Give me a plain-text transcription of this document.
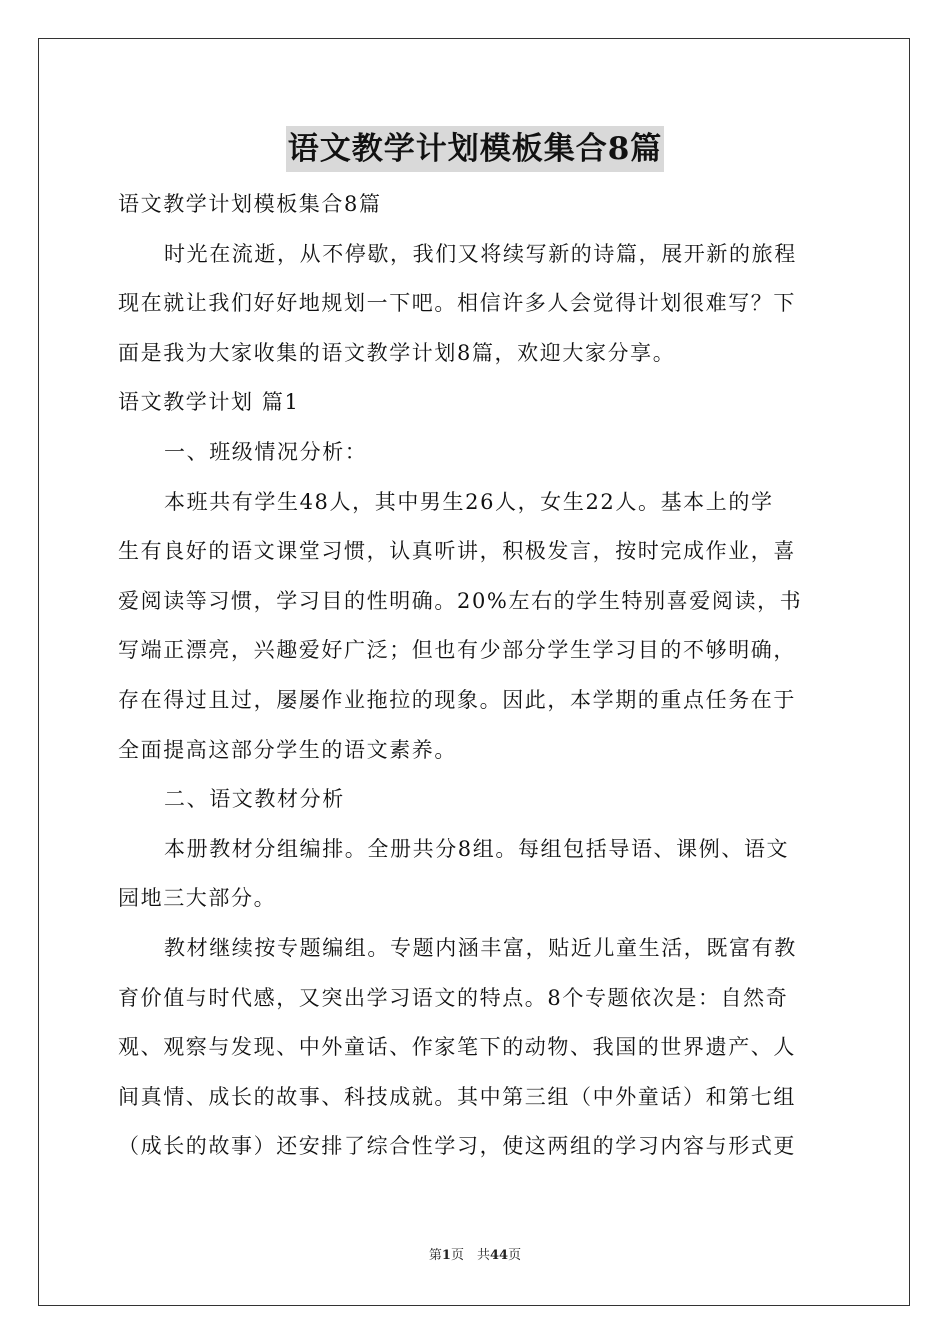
语文教学计划模板集合8篇
语文教学计划模板集合8篇
时光在流逝，从不停歇，我们又将续写新的诗篇，展开新的旅程
现在就让我们好好地规划一下吧。相信许多人会觉得计划很难写？下
面是我为大家收集的语文教学计划8篇，欢迎大家分享。
语文教学计划 篇1
一、班级情况分析：
本班共有学生48人，其中男生26人，女生22人。基本上的学
生有良好的语文课堂习惯，认真听讲，积极发言，按时完成作业，喜
爱阅读等习惯，学习目的性明确。20%左右的学生特别喜爱阅读，书
写端正漂亮，兴趣爱好广泛；但也有少部分学生学习目的不够明确，
存在得过且过，屡屡作业拖拉的现象。因此，本学期的重点任务在于
全面提高这部分学生的语文素养。
二、语文教材分析
本册教材分组编排。全册共分8组。每组包括导语、课例、语文
园地三大部分。
教材继续按专题编组。专题内涵丰富，贴近儿童生活，既富有教
育价值与时代感，又突出学习语文的特点。8个专题依次是：自然奇
观、观察与发现、中外童话、作家笔下的动物、我国的世界遗产、人
间真情、成长的故事、科技成就。其中第三组（中外童话）和第七组
（成长的故事）还安排了综合性学习，使这两组的学习内容与形式更
第1页　共44页
